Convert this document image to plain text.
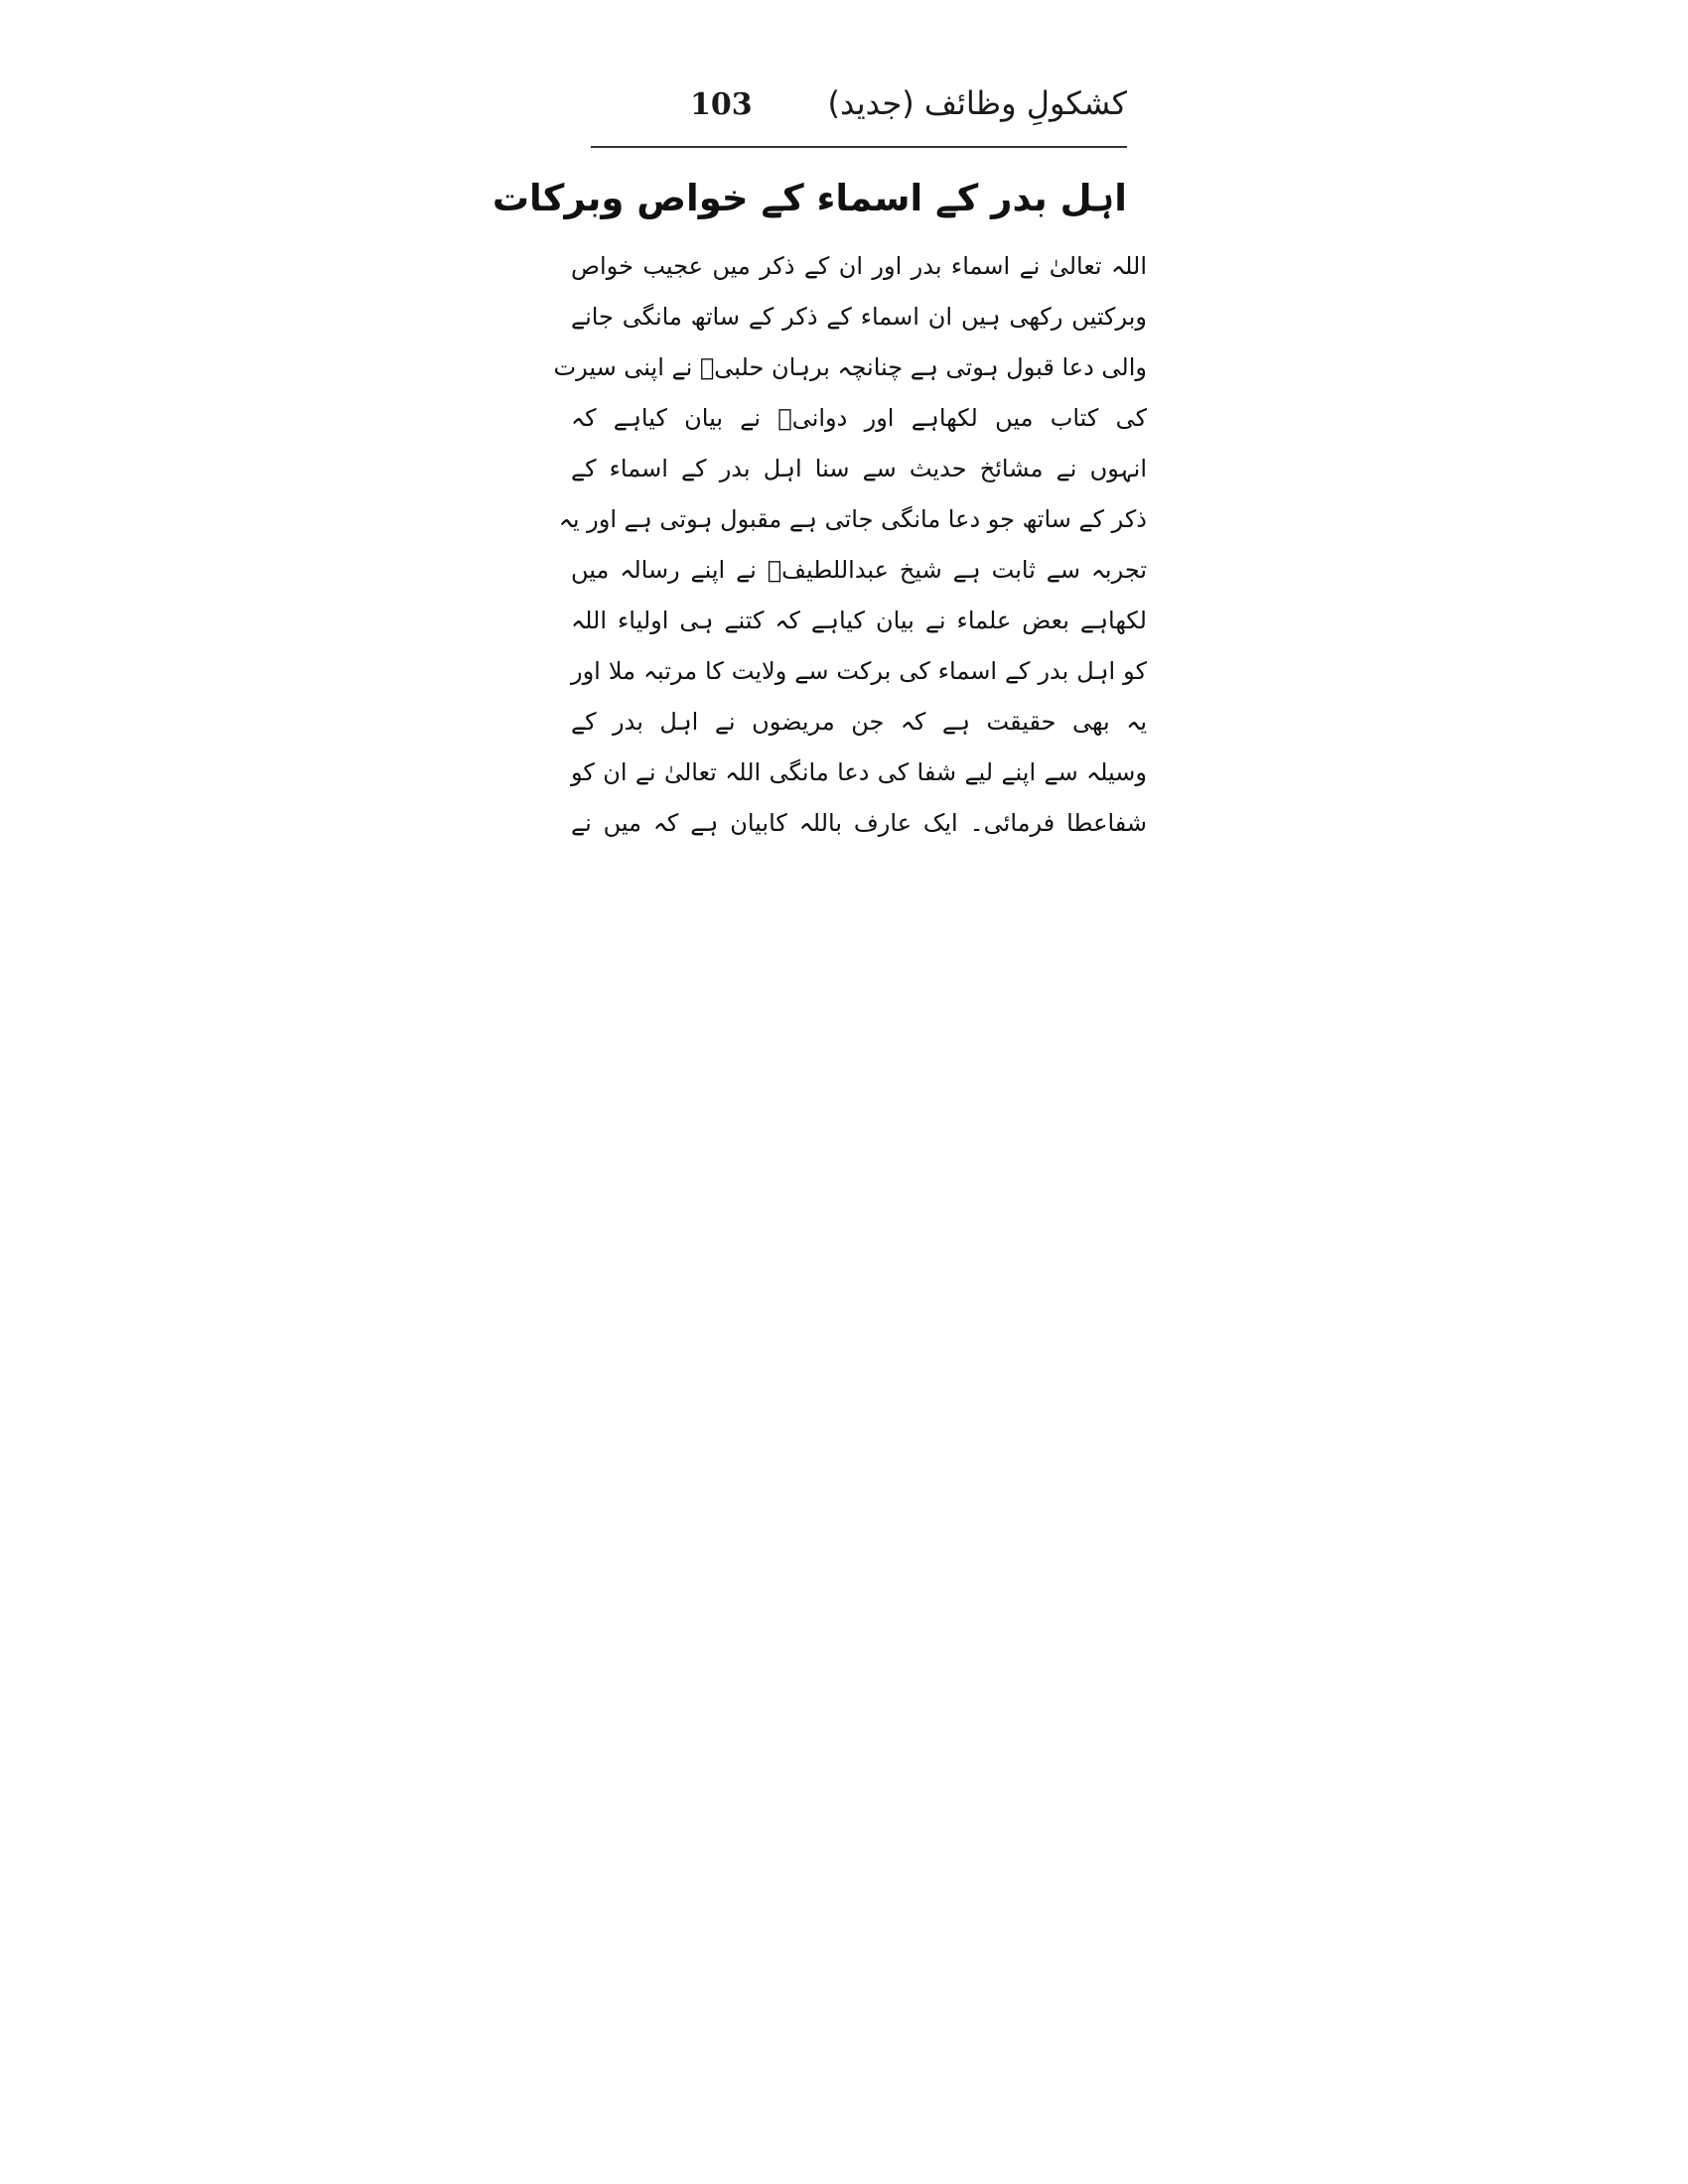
کشکولِ وظائف (جدید)
103
اہل بدر کے اسماء کے خواص وبرکات
اللہ تعالیٰ نے اسماء بدر اور ان کے ذکر میں عجیب خواص
وبرکتیں رکھی ہیں ان اسماء کے ذکر کے ساتھ مانگی جانے
والی دعا قبول ہوتی ہے چنانچہ برہان حلبیؒ نے اپنی سیرت
کی کتاب میں لکھاہے اور دوانیؒ نے بیان کیاہے کہ
انہوں نے مشائخ حدیث سے سنا اہل بدر کے اسماء کے
ذکر کے ساتھ جو دعا مانگی جاتی ہے مقبول ہوتی ہے اور یہ
تجربہ سے ثابت ہے شیخ عبداللطیفؒ نے اپنے رسالہ میں
لکھاہے بعض علماء نے بیان کیاہے کہ کتنے ہی اولیاء اللہ
کو اہل بدر کے اسماء کی برکت سے ولایت کا مرتبہ ملا اور
یہ بھی حقیقت ہے کہ جن مریضوں نے اہل بدر کے
وسیلہ سے اپنے لیے شفا کی دعا مانگی اللہ تعالیٰ نے ان کو
شفاعطا فرمائی۔ ایک عارف باللہ کابیان ہے کہ میں نے
